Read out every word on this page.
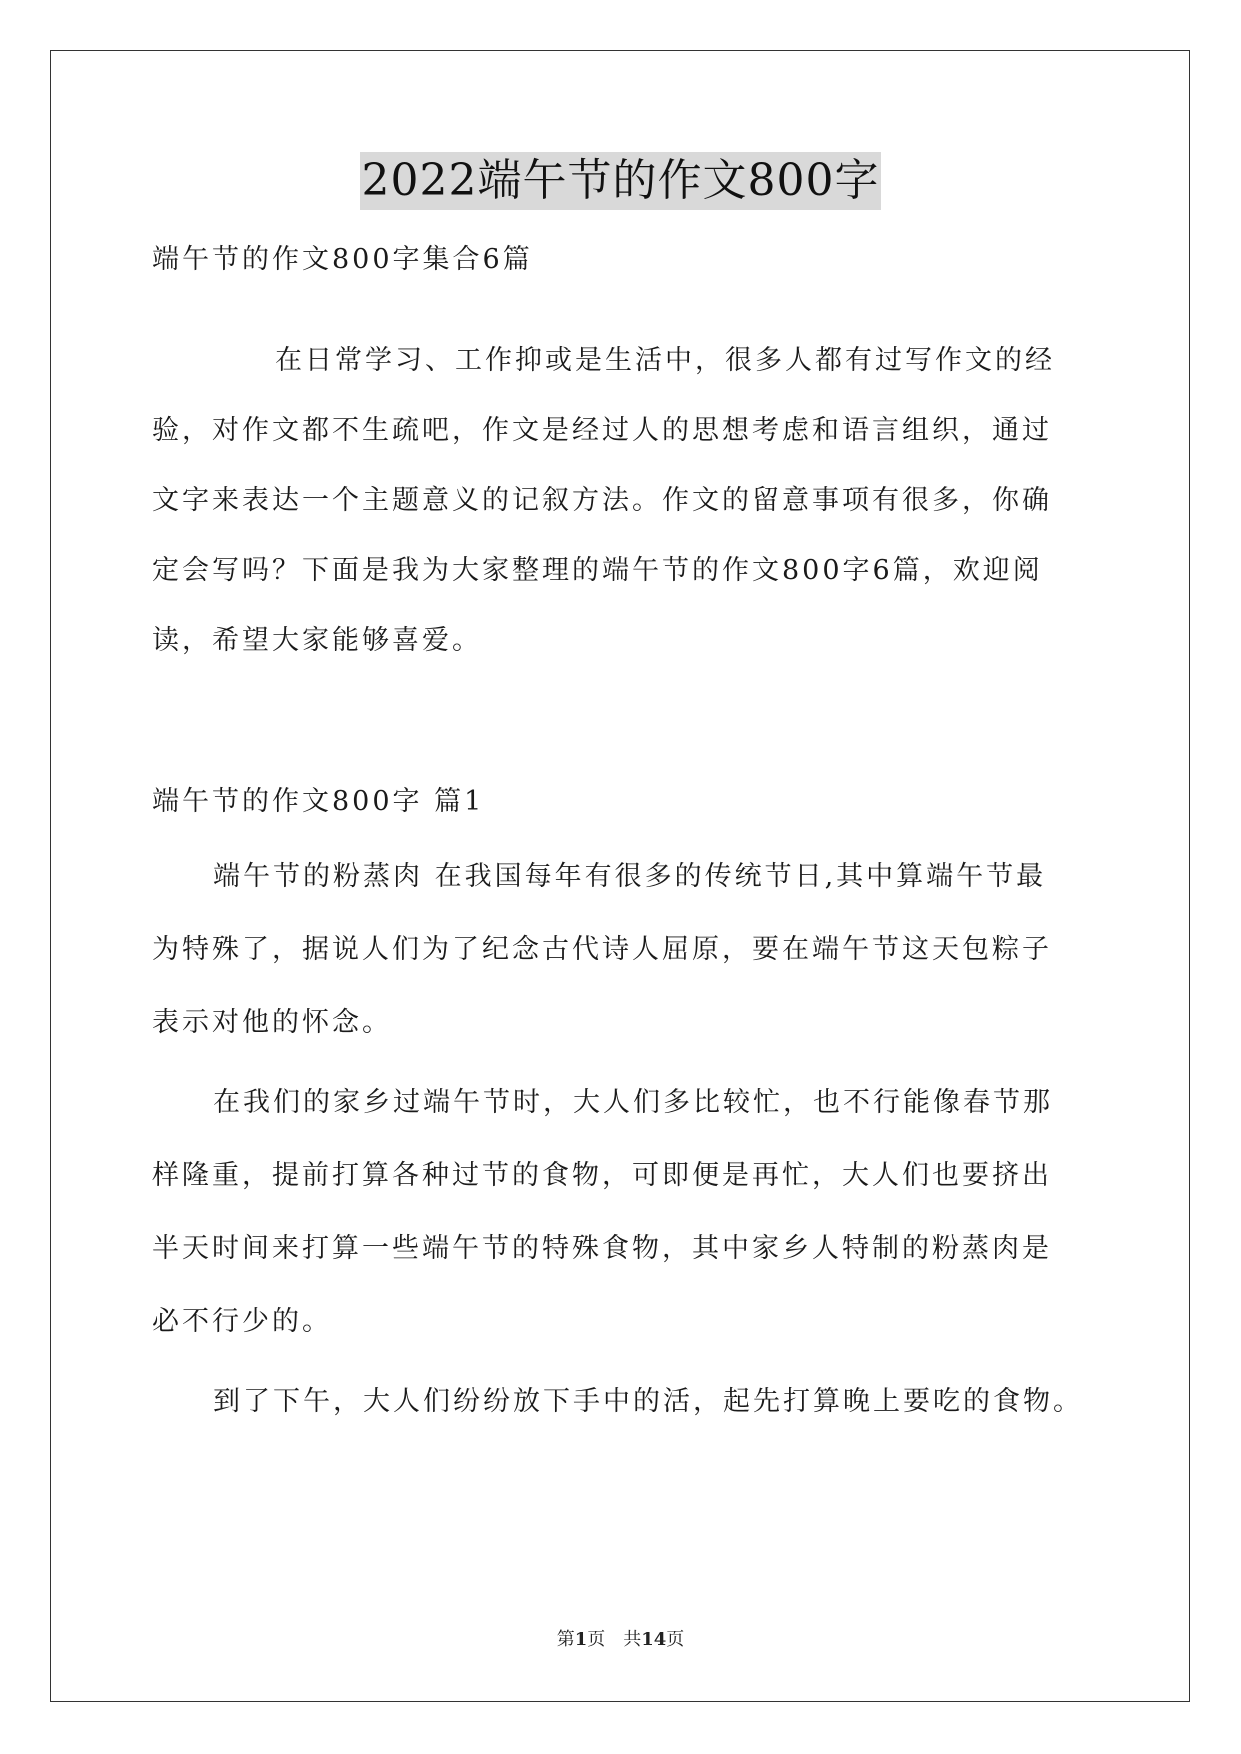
2022端午节的作文800字
端午节的作文800字集合6篇
在日常学习、工作抑或是生活中，很多人都有过写作文的经
验，对作文都不生疏吧，作文是经过人的思想考虑和语言组织，通过
文字来表达一个主题意义的记叙方法。作文的留意事项有很多，你确
定会写吗？下面是我为大家整理的端午节的作文800字6篇，欢迎阅
读，希望大家能够喜爱。
端午节的作文800字 篇1
端午节的粉蒸肉 在我国每年有很多的传统节日,其中算端午节最
为特殊了，据说人们为了纪念古代诗人屈原，要在端午节这天包粽子
表示对他的怀念。
在我们的家乡过端午节时，大人们多比较忙，也不行能像春节那
样隆重，提前打算各种过节的食物，可即便是再忙，大人们也要挤出
半天时间来打算一些端午节的特殊食物，其中家乡人特制的粉蒸肉是
必不行少的。
到了下午，大人们纷纷放下手中的活，起先打算晚上要吃的食物。
第1页　共14页
